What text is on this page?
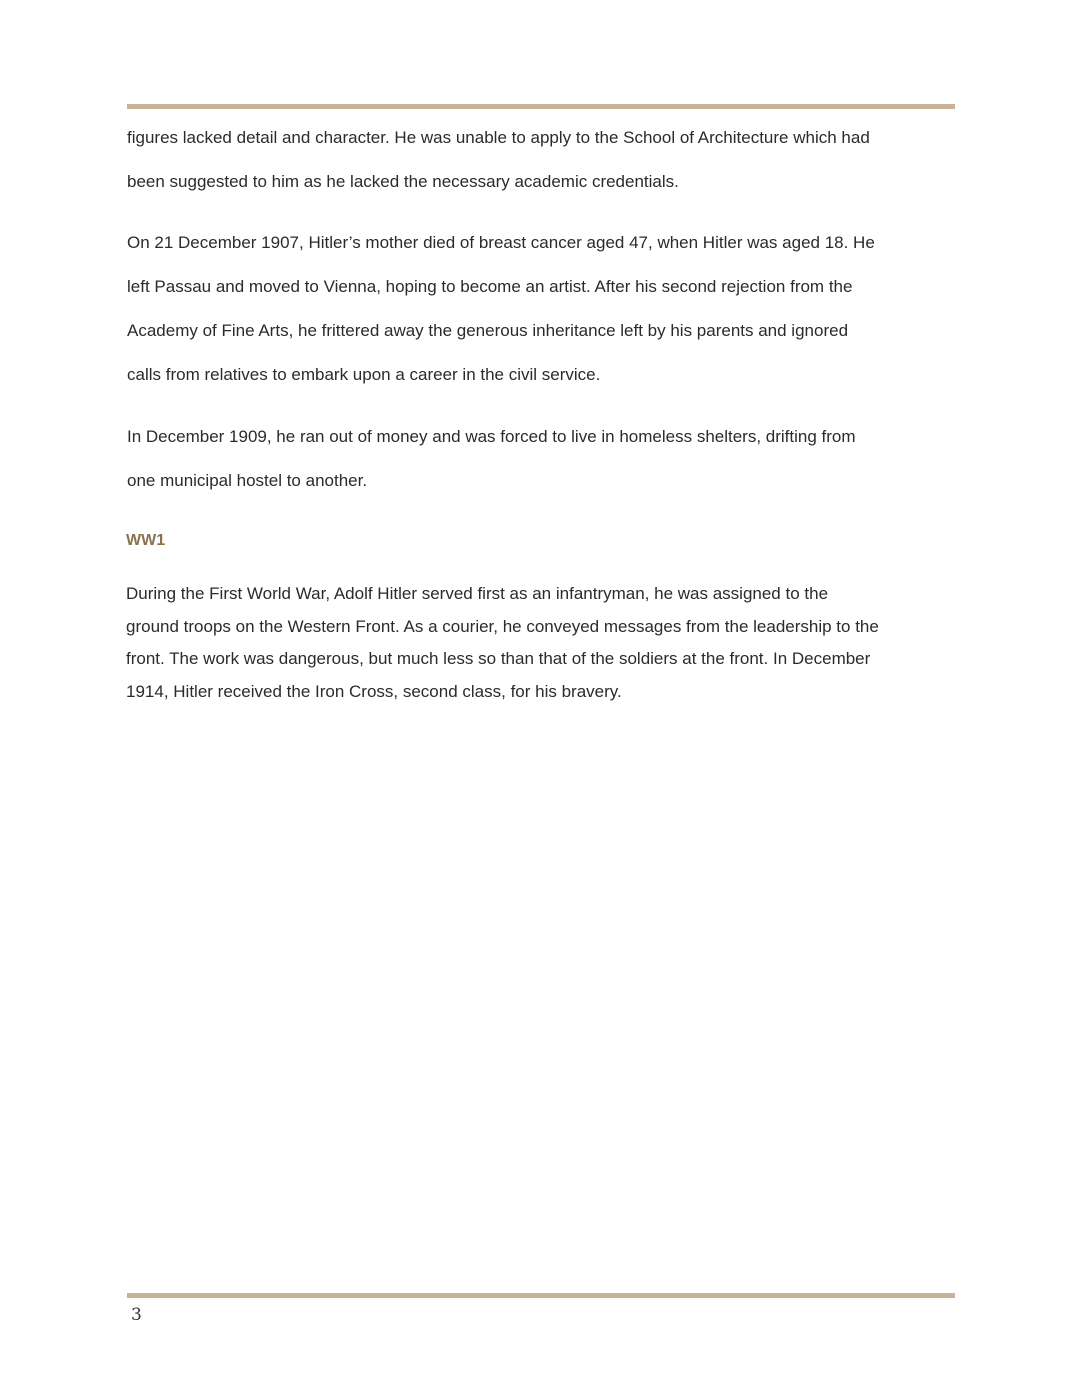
figures lacked detail and character. He was unable to apply to the School of Architecture which had

been suggested to him as he lacked the necessary academic credentials.

On 21 December 1907, Hitler’s mother died of breast cancer aged 47, when Hitler was aged 18. He

left Passau and moved to Vienna, hoping to become an artist. After his second rejection from the

Academy of Fine Arts, he frittered away the generous inheritance left by his parents and ignored

calls from relatives to embark upon a career in the civil service.

In December 1909, he ran out of money and was forced to live in homeless shelters, drifting from

one municipal hostel to another.

WW1

During the First World War, Adolf Hitler served first as an infantryman, he was assigned to the

ground troops on the Western Front. As a courier, he conveyed messages from the leadership to the

front. The work was dangerous, but much less so than that of the soldiers at the front. In December

1914, Hitler received the Iron Cross, second class, for his bravery.

3
